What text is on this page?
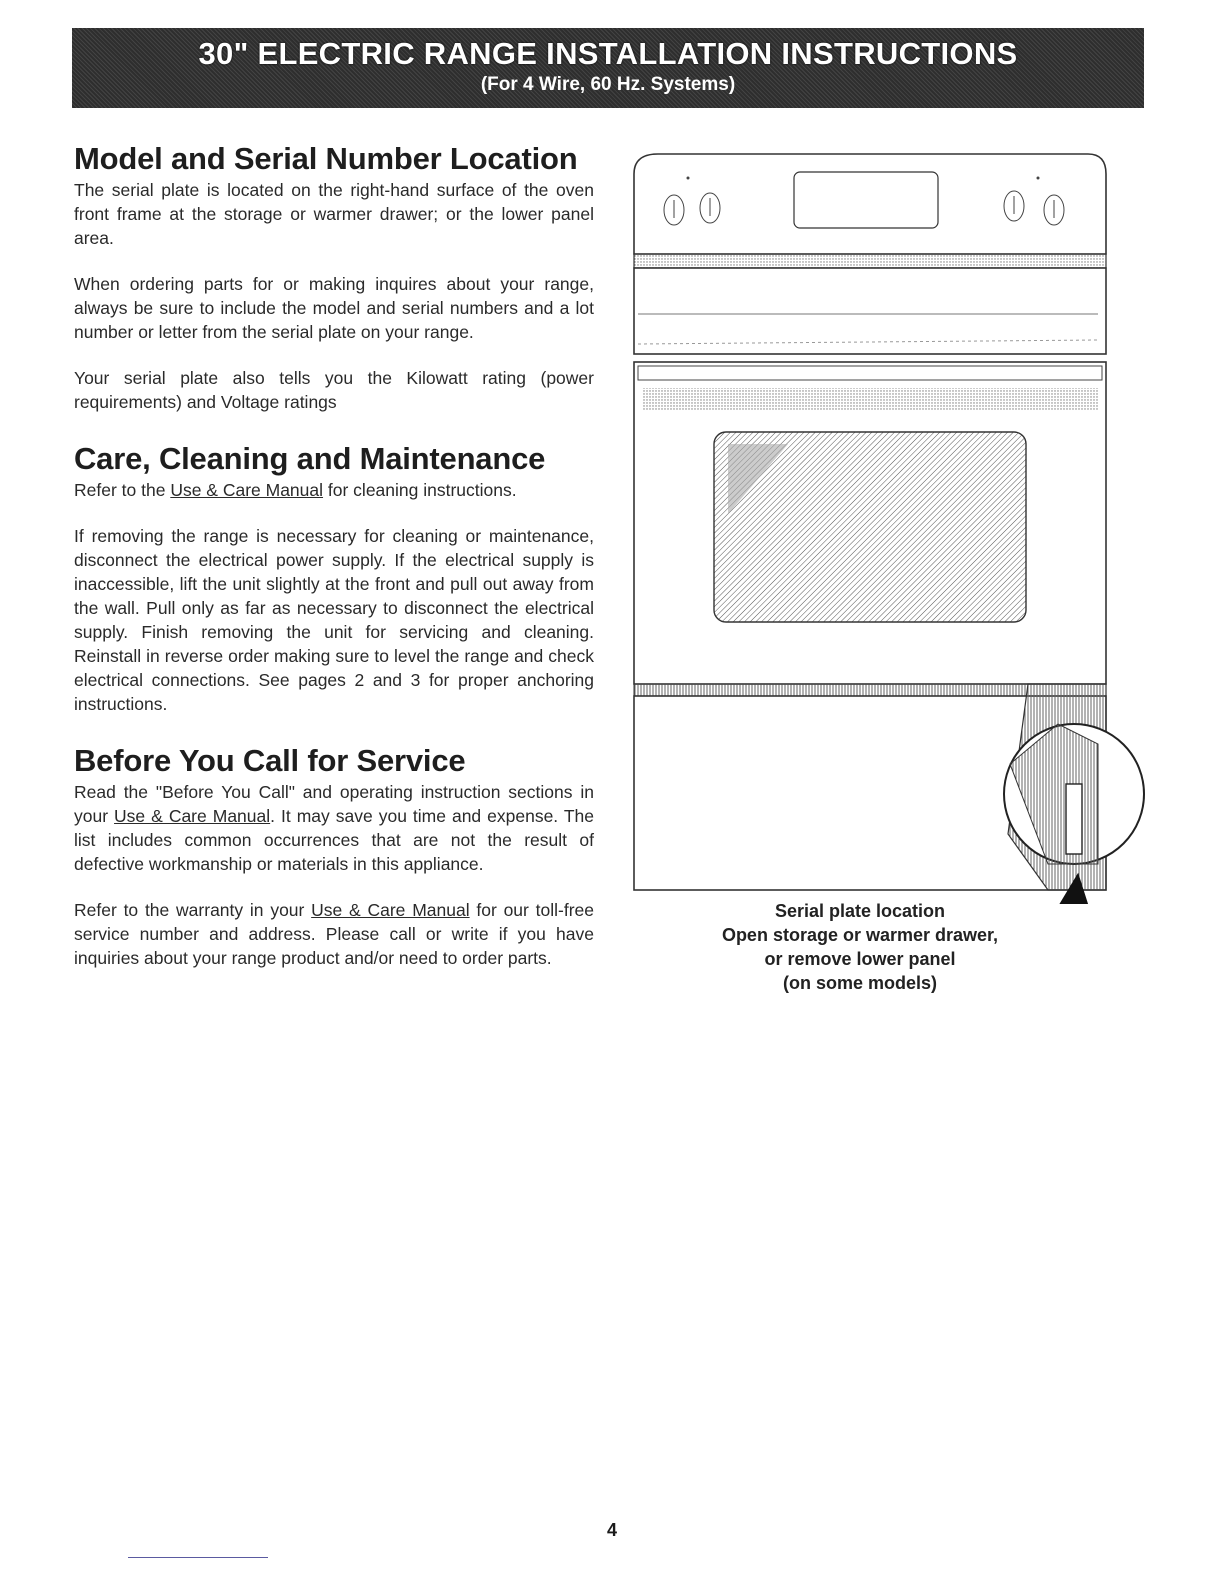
30" ELECTRIC RANGE INSTALLATION INSTRUCTIONS
(For 4 Wire, 60 Hz. Systems)
Model and Serial Number Location

The serial plate is located on the right-hand surface of the oven front frame at the storage or warmer drawer; or the lower panel area.

When ordering parts for or making inquires about your range, always be sure to include the model and serial numbers and a lot number or letter from the serial plate on your range.

Your serial plate also tells you the Kilowatt rating (power requirements) and Voltage ratings

Care, Cleaning and Maintenance

Refer to the Use & Care Manual for cleaning instructions.

If removing the range is necessary for cleaning or maintenance, disconnect the electrical power supply. If the electrical supply is inaccessible, lift the unit slightly at the front and pull out away from the wall. Pull only as far as necessary to disconnect the electrical supply. Finish removing the unit for servicing and cleaning. Reinstall in reverse order making sure to level the range and check electrical connections. See pages 2 and 3 for proper anchoring instructions.

Before You Call for Service

Read the "Before You Call" and operating instruction sections in your Use & Care Manual. It may save you time and expense. The list includes common occurrences that are not the result of defective workmanship or materials in this appliance.

Refer to the warranty in your Use & Care Manual for our toll-free service number and address. Please call or write if you have inquiries about your range product and/or need to order parts.

Serial plate location
Open storage or warmer drawer,
or remove lower panel
(on some models)
4
